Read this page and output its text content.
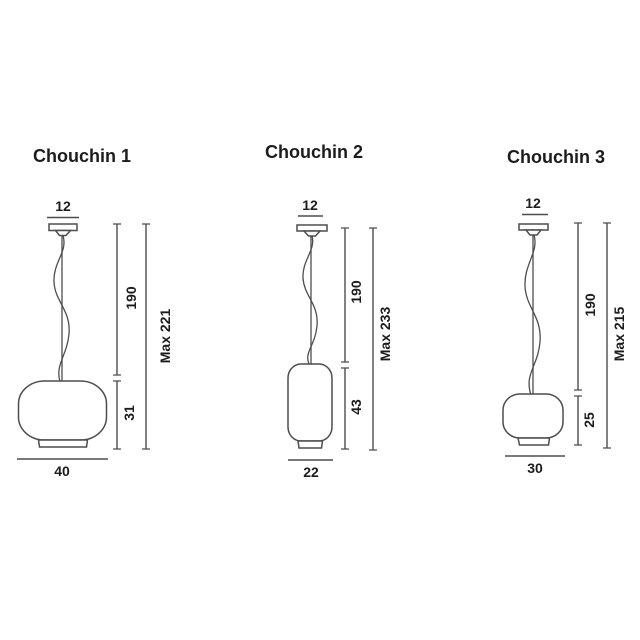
Chouchin 1
12
190
Max 221
31
40
Chouchin 2
12
190
Max 233
43
22
Chouchin 3
12
190
Max 215
25
30
